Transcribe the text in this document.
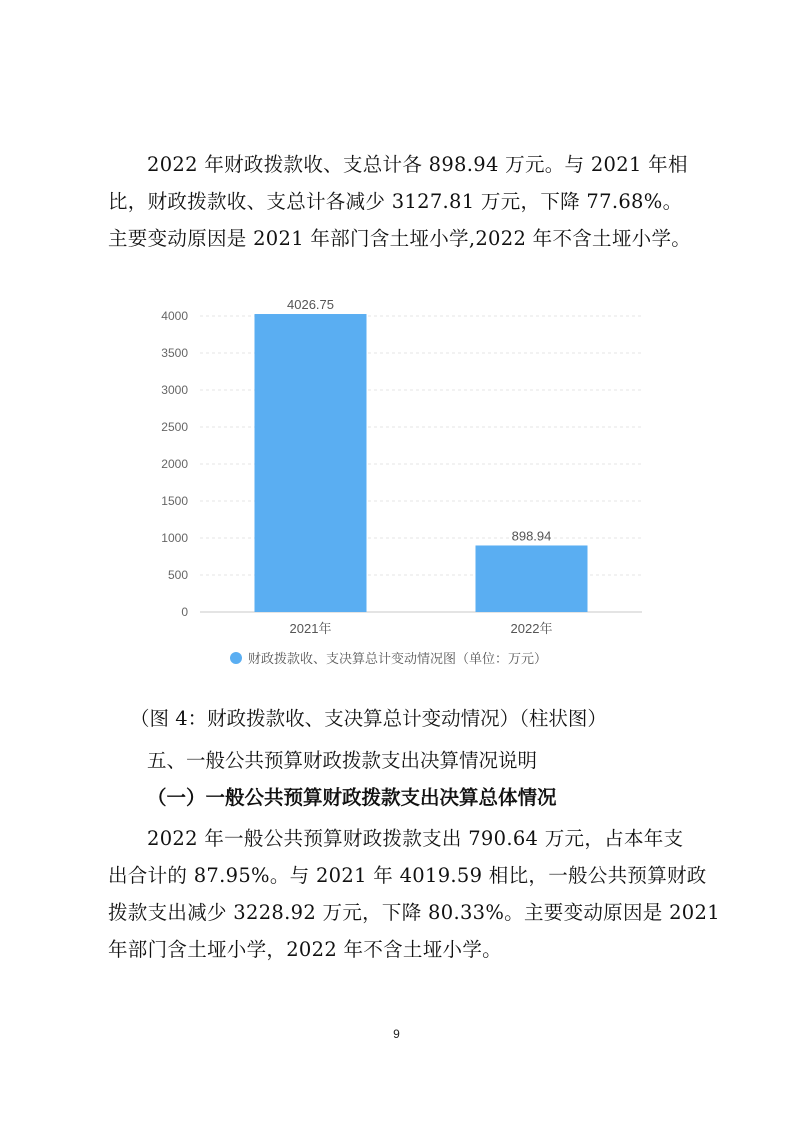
2022 年财政拨款收、支总计各 898.94 万元。与 2021 年相
比，财政拨款收、支总计各减少 3127.81 万元，下降 77.68%。
主要变动原因是 2021 年部门含土垭小学,2022 年不含土垭小学。
0
500
1000
1500
2000
2500
3000
3500
4000
4026.75
898.94
2021年	2022年
财政拨款收、支决算总计变动情况图（单位：万元）
（图 4：财政拨款收、支决算总计变动情况）（柱状图）
五、一般公共预算财政拨款支出决算情况说明
（一）一般公共预算财政拨款支出决算总体情况
2022 年一般公共预算财政拨款支出 790.64 万元，占本年支
出合计的 87.95%。与 2021 年 4019.59 相比，一般公共预算财政
拨款支出减少 3228.92 万元，下降 80.33%。主要变动原因是 2021
年部门含土垭小学，2022 年不含土垭小学。
9
